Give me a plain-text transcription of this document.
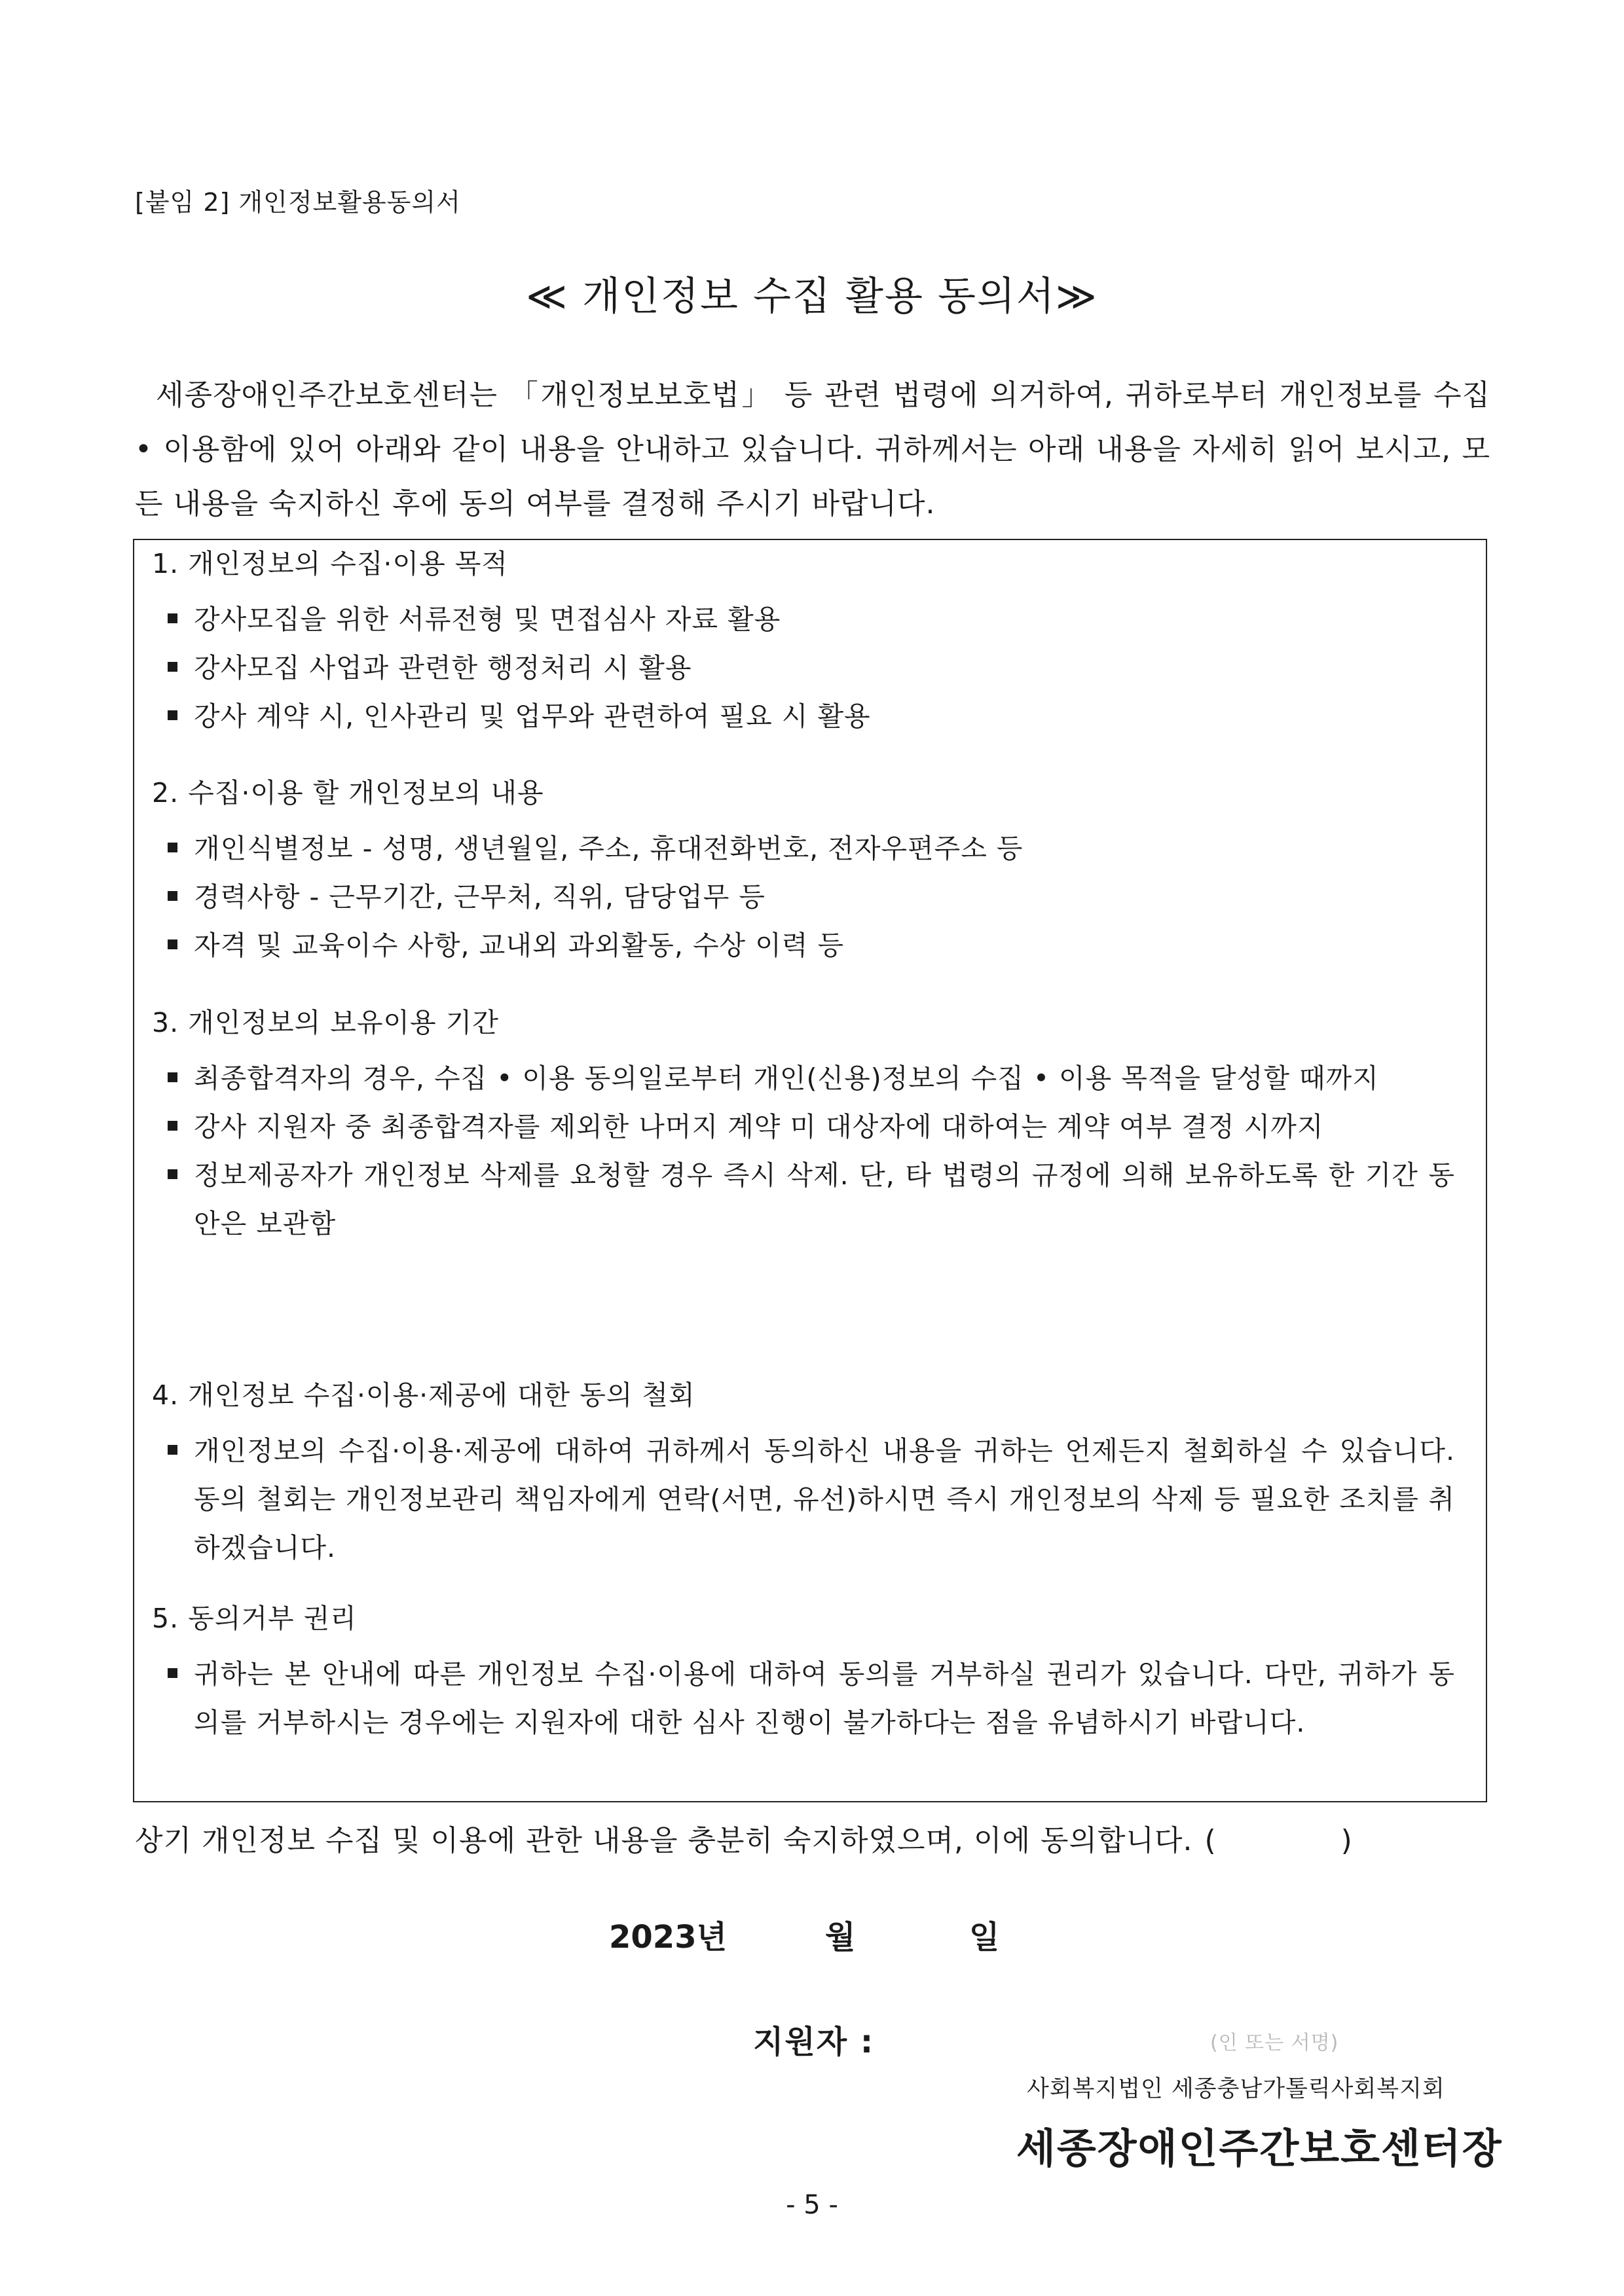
[붙임 2] 개인정보활용동의서
≪ 개인정보 수집 활용 동의서≫
세종장애인주간보호센터는 「개인정보보호법」 등 관련 법령에 의거하여, 귀하로부터 개인정보를 수집 • 이용함에 있어 아래와 같이 내용을 안내하고 있습니다. 귀하께서는 아래 내용을 자세히 읽어 보시고, 모든 내용을 숙지하신 후에 동의 여부를 결정해 주시기 바랍니다.
1. 개인정보의 수집·이용 목적
강사모집을 위한 서류전형 및 면접심사 자료 활용
강사모집 사업과 관련한 행정처리 시 활용
강사 계약 시, 인사관리 및 업무와 관련하여 필요 시 활용
2. 수집·이용 할 개인정보의 내용
개인식별정보 - 성명, 생년월일, 주소, 휴대전화번호, 전자우편주소 등
경력사항 - 근무기간, 근무처, 직위, 담당업무 등
자격 및 교육이수 사항, 교내외 과외활동, 수상 이력 등
3. 개인정보의 보유이용 기간
최종합격자의 경우, 수집 • 이용 동의일로부터 개인(신용)정보의 수집 • 이용 목적을 달성할 때까지
강사 지원자 중 최종합격자를 제외한 나머지 계약 미 대상자에 대하여는 계약 여부 결정 시까지
정보제공자가 개인정보 삭제를 요청할 경우 즉시 삭제. 단, 타 법령의 규정에 의해 보유하도록 한 기간 동안은 보관함
4. 개인정보 수집·이용·제공에 대한 동의 철회
개인정보의 수집·이용·제공에 대하여 귀하께서 동의하신 내용을 귀하는 언제든지 철회하실 수 있습니다. 동의 철회는 개인정보관리 책임자에게 연락(서면, 유선)하시면 즉시 개인정보의 삭제 등 필요한 조치를 취하겠습니다.
5. 동의거부 권리
귀하는 본 안내에 따른 개인정보 수집·이용에 대하여 동의를 거부하실 권리가 있습니다. 다만, 귀하가 동의를 거부하시는 경우에는 지원자에 대한 심사 진행이 불가하다는 점을 유념하시기 바랍니다.
상기 개인정보 수집 및 이용에 관한 내용을 충분히 숙지하였으며, 이에 동의합니다. (	)
2023년	월	일
지원자 :	(인 또는 서명)
사회복지법인 세종충남가톨릭사회복지회
세종장애인주간보호센터장
- 5 -
